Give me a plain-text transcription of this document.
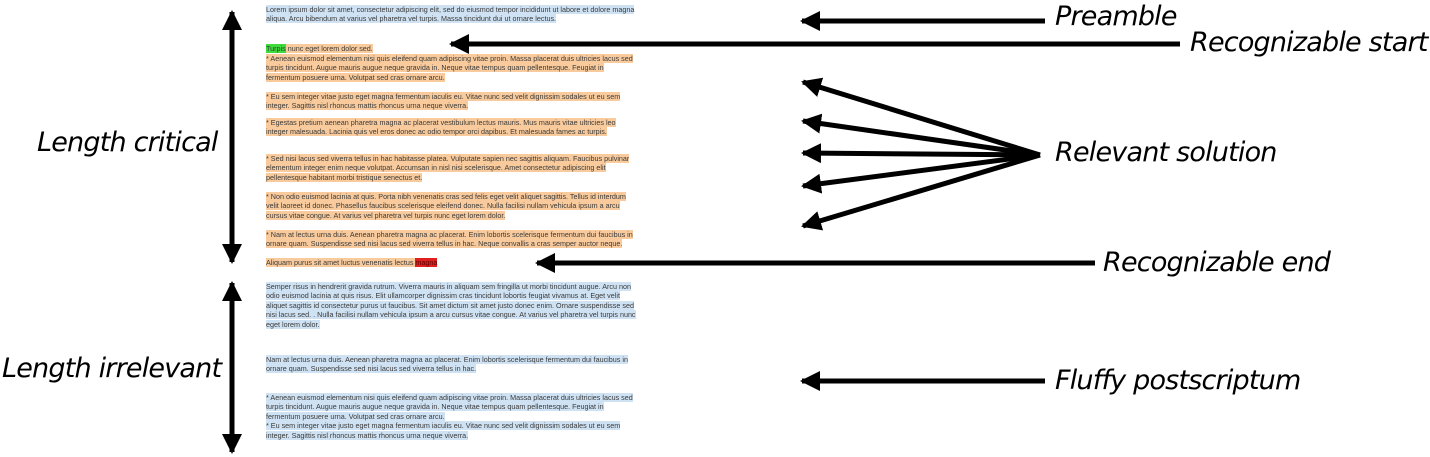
Lorem ipsum dolor sit amet, consectetur adipiscing elit, sed do eiusmod tempor incididunt ut labore et dolore magna
aliqua. Arcu bibendum at varius vel pharetra vel turpis. Massa tincidunt dui ut ornare lectus.
Turpis nunc eget lorem dolor sed.
* Aenean euismod elementum nisi quis eleifend quam adipiscing vitae proin. Massa placerat duis ultricies lacus sed
turpis tincidunt. Augue mauris augue neque gravida in. Neque vitae tempus quam pellentesque. Feugiat in
fermentum posuere urna. Volutpat sed cras ornare arcu.
* Eu sem integer vitae justo eget magna fermentum iaculis eu. Vitae nunc sed velit dignissim sodales ut eu sem
integer. Sagittis nisl rhoncus mattis rhoncus urna neque viverra.
* Egestas pretium aenean pharetra magna ac placerat vestibulum lectus mauris. Mus mauris vitae ultricies leo
integer malesuada. Lacinia quis vel eros donec ac odio tempor orci dapibus. Et malesuada fames ac turpis.
* Sed nisi lacus sed viverra tellus in hac habitasse platea. Vulputate sapien nec sagittis aliquam. Faucibus pulvinar
elementum integer enim neque volutpat. Accumsan in nisl nisi scelerisque. Amet consectetur adipiscing elit
pellentesque habitant morbi tristique senectus et.
* Non odio euismod lacinia at quis. Porta nibh venenatis cras sed felis eget velit aliquet sagittis. Tellus id interdum
velit laoreet id donec. Phasellus faucibus scelerisque eleifend donec. Nulla facilisi nullam vehicula ipsum a arcu
cursus vitae congue. At varius vel pharetra vel turpis nunc eget lorem dolor.
* Nam at lectus urna duis. Aenean pharetra magna ac placerat. Enim lobortis scelerisque fermentum dui faucibus in
ornare quam. Suspendisse sed nisi lacus sed viverra tellus in hac. Neque convallis a cras semper auctor neque.
Aliquam purus sit amet luctus venenatis lectus magna
Semper risus in hendrerit gravida rutrum. Viverra mauris in aliquam sem fringilla ut morbi tincidunt augue. Arcu non
odio euismod lacinia at quis risus. Elit ullamcorper dignissim cras tincidunt lobortis feugiat vivamus at. Eget velit
aliquet sagittis id consectetur purus ut faucibus. Sit amet dictum sit amet justo donec enim. Ornare suspendisse sed
nisi lacus sed. . Nulla facilisi nullam vehicula ipsum a arcu cursus vitae congue. At varius vel pharetra vel turpis nunc
eget lorem dolor.
Nam at lectus urna duis. Aenean pharetra magna ac placerat. Enim lobortis scelerisque fermentum dui faucibus in
ornare quam. Suspendisse sed nisi lacus sed viverra tellus in hac.
* Aenean euismod elementum nisi quis eleifend quam adipiscing vitae proin. Massa placerat duis ultricies lacus sed
turpis tincidunt. Augue mauris augue neque gravida in. Neque vitae tempus quam pellentesque. Feugiat in
fermentum posuere urna. Volutpat sed cras ornare arcu.
* Eu sem integer vitae justo eget magna fermentum iaculis eu. Vitae nunc sed velit dignissim sodales ut eu sem
integer. Sagittis nisl rhoncus mattis rhoncus urna neque viverra.
Preamble
Recognizable start
Relevant solution
Recognizable end
Fluffy postscriptum
Length critical
Length irrelevant
